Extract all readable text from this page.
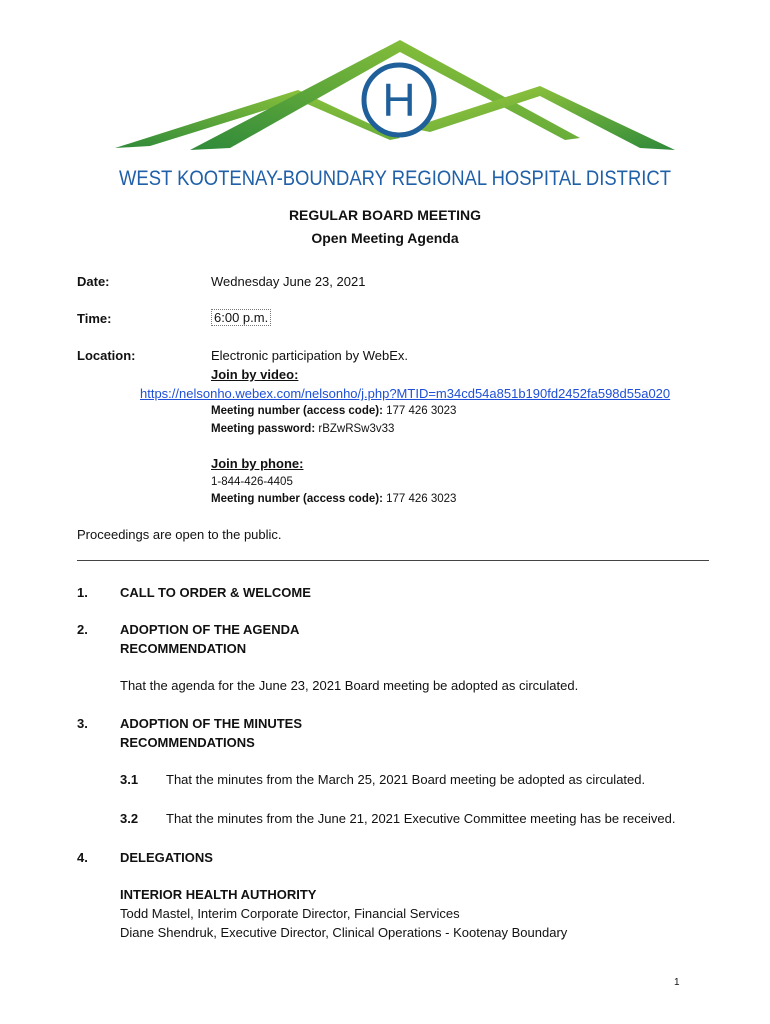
H
WEST KOOTENAY-BOUNDARY REGIONAL HOSPITAL DISTRICT
REGULAR BOARD MEETING
Open Meeting Agenda
Date:	Wednesday June 23, 2021
Time:	6:00 p.m.
Location:	Electronic participation by WebEx.
Join by video:
https://nelsonho.webex.com/nelsonho/j.php?MTID=m34cd54a851b190fd2452fa598d55a020
Meeting number (access code): 177 426 3023
Meeting password: rBZwRSw3v33
Join by phone:
1-844-426-4405
Meeting number (access code): 177 426 3023
Proceedings are open to the public.
1. CALL TO ORDER & WELCOME
2. ADOPTION OF THE AGENDA
RECOMMENDATION
That the agenda for the June 23, 2021 Board meeting be adopted as circulated.
3. ADOPTION OF THE MINUTES
RECOMMENDATIONS
3.1 That the minutes from the March 25, 2021 Board meeting be adopted as circulated.
3.2 That the minutes from the June 21, 2021 Executive Committee meeting has be received.
4. DELEGATIONS
INTERIOR HEALTH AUTHORITY
Todd Mastel, Interim Corporate Director, Financial Services
Diane Shendruk, Executive Director, Clinical Operations - Kootenay Boundary
1
